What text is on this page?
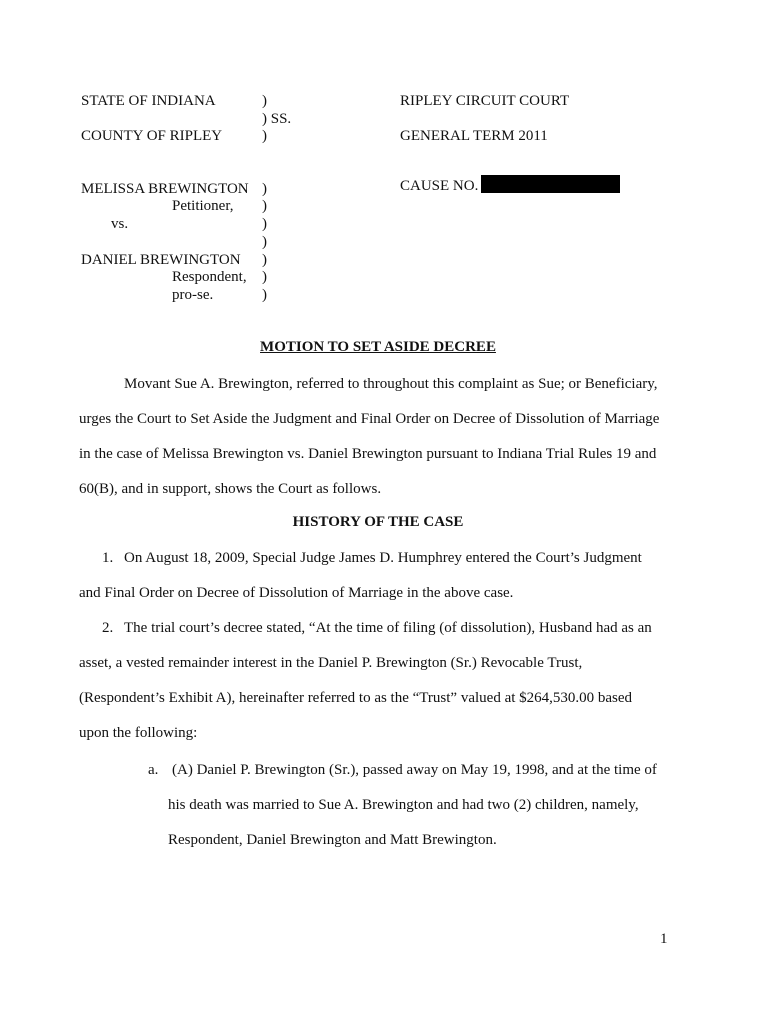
STATE OF INDIANA
COUNTY OF RIPLEY
)
) SS.
)
RIPLEY CIRCUIT COURT
GENERAL TERM 2011
MELISSA BREWINGTON
Petitioner,
vs.
DANIEL BREWINGTON
Respondent,
pro-se.
)
)
)
)
)
)
)
CAUSE NO.
MOTION TO SET ASIDE DECREE
Movant Sue A. Brewington, referred to throughout this complaint as Sue; or Beneficiary,
urges the Court to Set Aside the Judgment and Final Order on Decree of Dissolution of Marriage
in the case of Melissa Brewington vs. Daniel Brewington pursuant to Indiana Trial Rules 19 and
60(B), and in support, shows the Court as follows.
HISTORY OF THE CASE
1. On August 18, 2009, Special Judge James D. Humphrey entered the Court’s Judgment
and Final Order on Decree of Dissolution of Marriage in the above case.
2. The trial court’s decree stated, “At the time of filing (of dissolution), Husband had as an
asset, a vested remainder interest in the Daniel P. Brewington (Sr.) Revocable Trust,
(Respondent’s Exhibit A), hereinafter referred to as the “Trust” valued at $264,530.00 based
upon the following:
a. (A) Daniel P. Brewington (Sr.), passed away on May 19, 1998, and at the time of
his death was married to Sue A. Brewington and had two (2) children, namely,
Respondent, Daniel Brewington and Matt Brewington.
1
